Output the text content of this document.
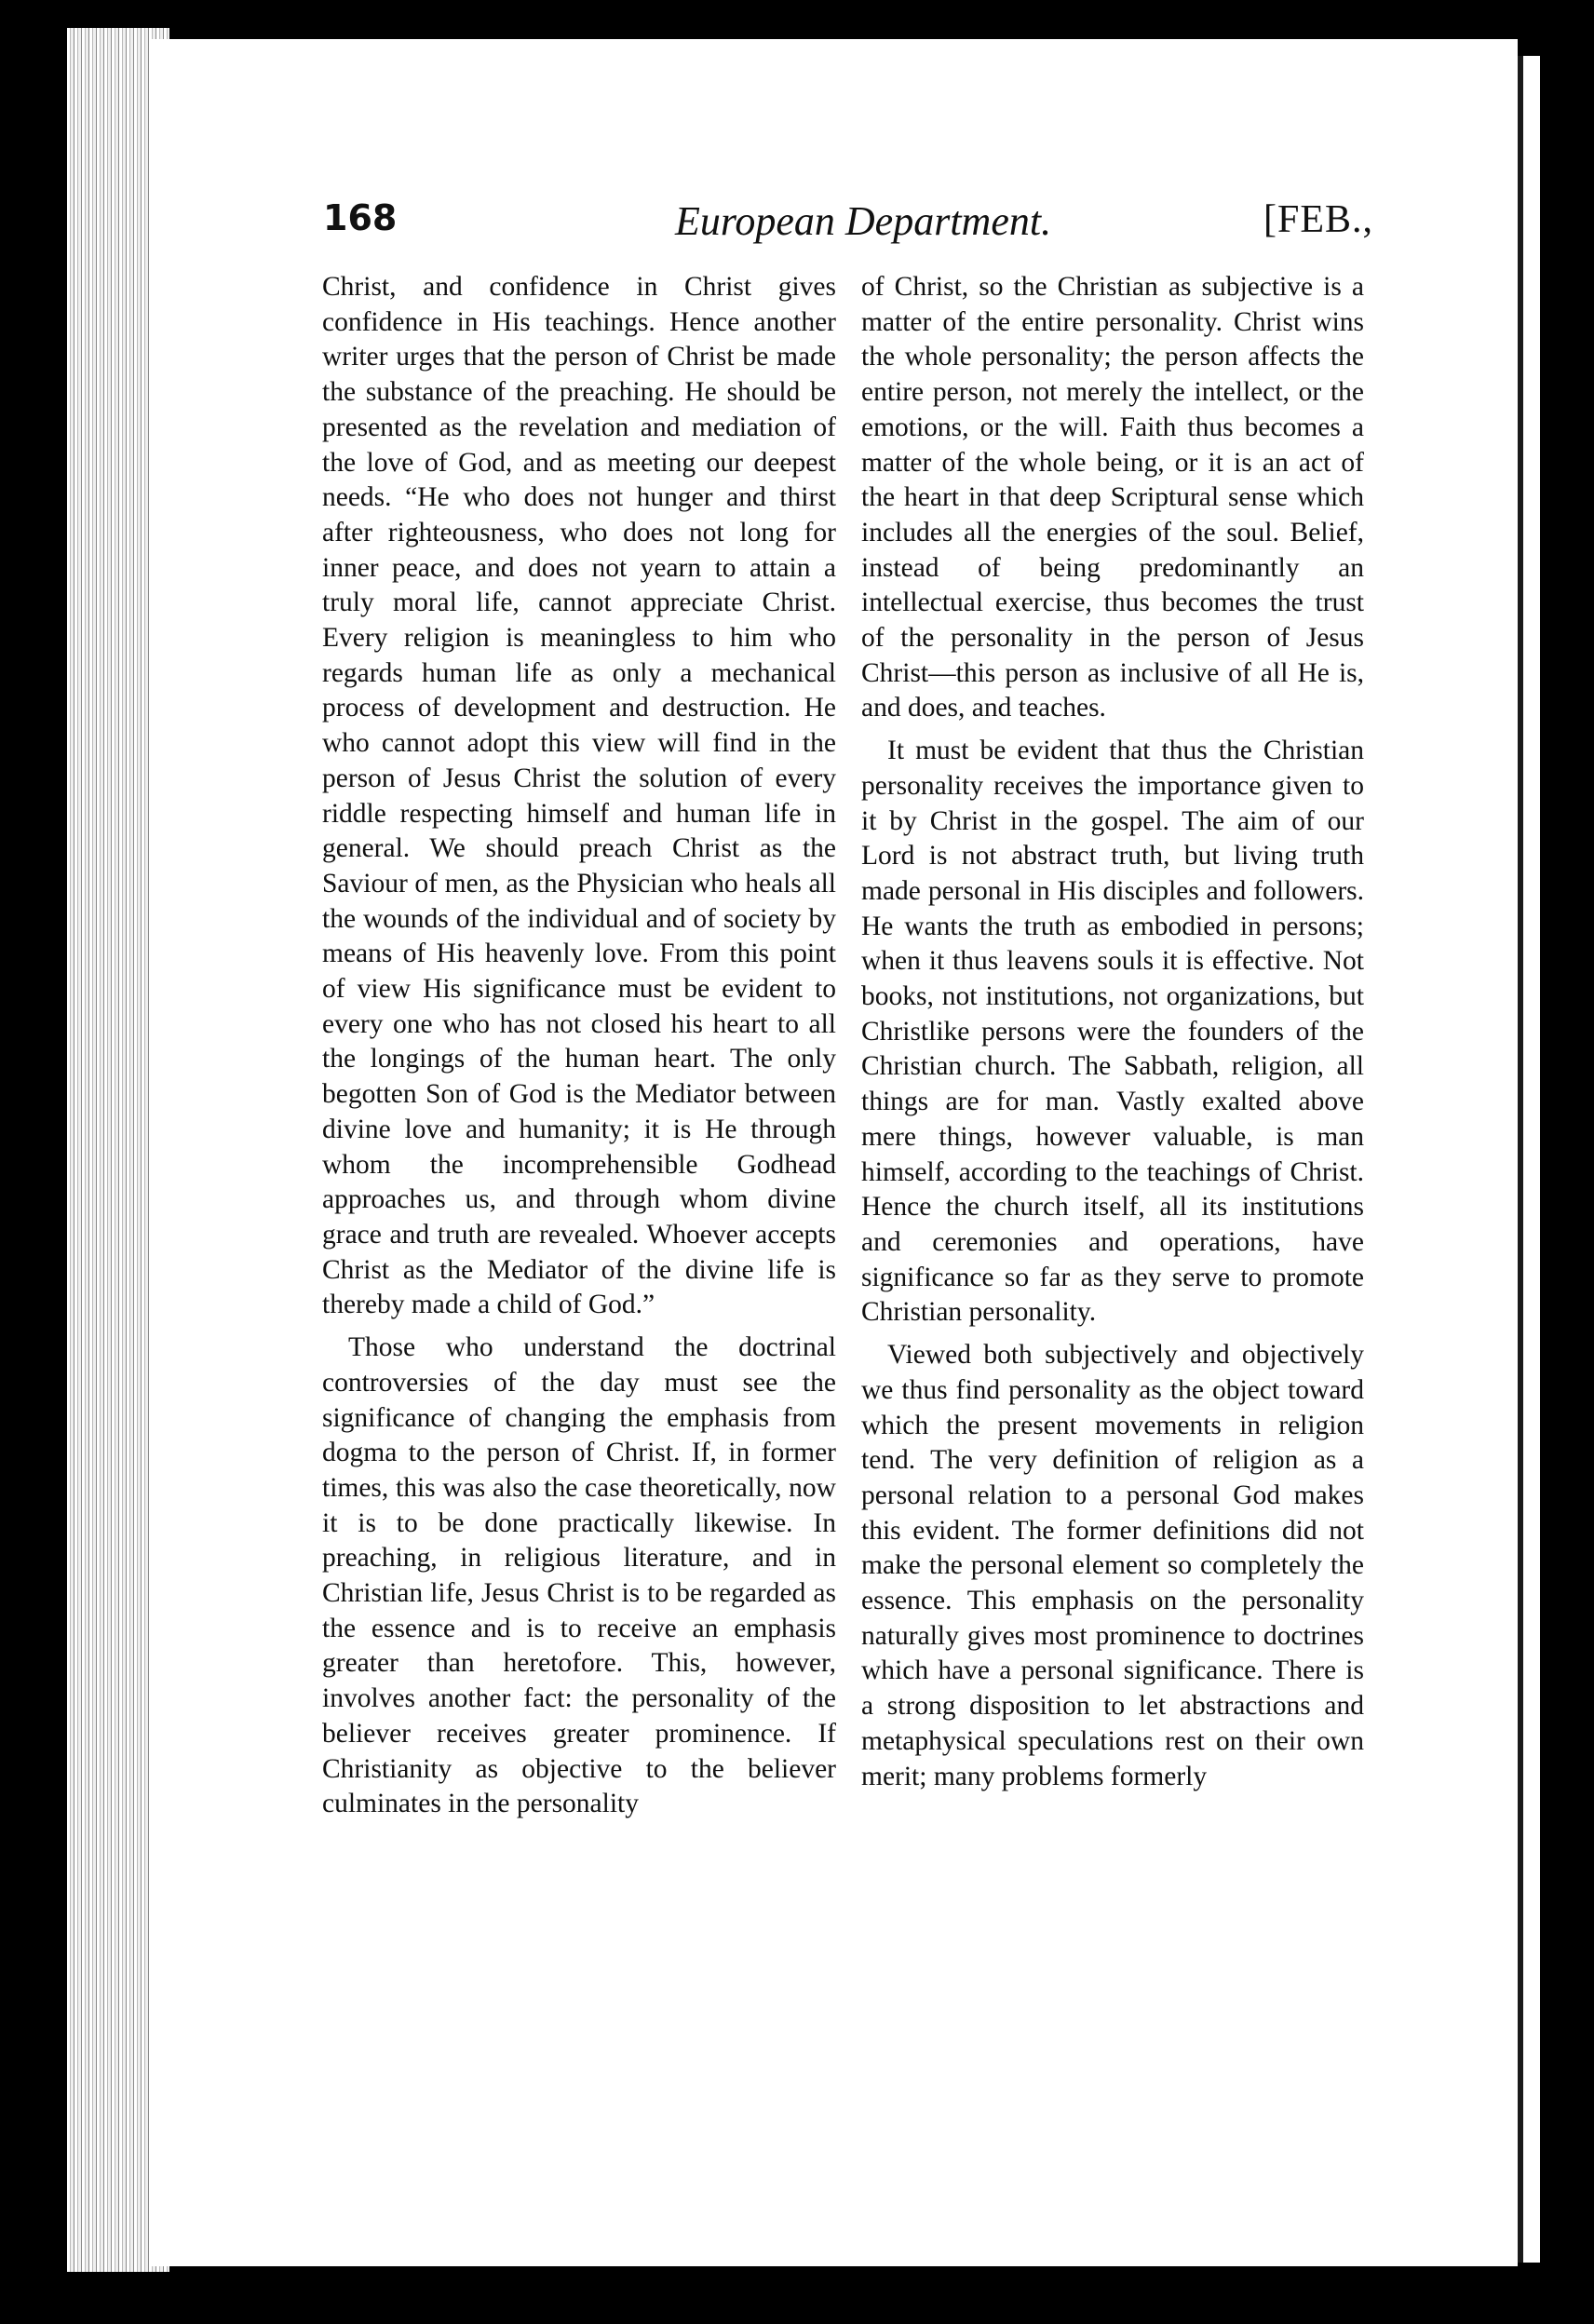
168	European Department.	[FEB.,

Christ, and confidence in Christ gives confidence in His teachings. Hence another writer urges that the person of Christ be made the substance of the preaching. He should be presented as the revelation and mediation of the love of God, and as meeting our deepest needs. “He who does not hunger and thirst after righteousness, who does not long for inner peace, and does not yearn to attain a truly moral life, cannot appreciate Christ. Every religion is meaningless to him who regards human life as only a mechanical process of development and destruction. He who cannot adopt this view will find in the person of Jesus Christ the solution of every riddle respecting himself and human life in general. We should preach Christ as the Saviour of men, as the Physician who heals all the wounds of the individual and of society by means of His heavenly love. From this point of view His significance must be evident to every one who has not closed his heart to all the longings of the human heart. The only begotten Son of God is the Mediator between divine love and humanity; it is He through whom the incomprehensible Godhead approaches us, and through whom divine grace and truth are revealed. Whoever accepts Christ as the Mediator of the divine life is thereby made a child of God.”

Those who understand the doctrinal controversies of the day must see the significance of changing the emphasis from dogma to the person of Christ. If, in former times, this was also the case theoretically, now it is to be done practically likewise. In preaching, in religious literature, and in Christian life, Jesus Christ is to be regarded as the essence and is to receive an emphasis greater than heretofore. This, however, involves another fact: the personality of the believer receives greater prominence. If Christianity as objective to the believer culminates in the personality

of Christ, so the Christian as subjective is a matter of the entire personality. Christ wins the whole personality; the person affects the entire person, not merely the intellect, or the emotions, or the will. Faith thus becomes a matter of the whole being, or it is an act of the heart in that deep Scriptural sense which includes all the energies of the soul. Belief, instead of being predominantly an intellectual exercise, thus becomes the trust of the personality in the person of Jesus Christ—this person as inclusive of all He is, and does, and teaches.

It must be evident that thus the Christian personality receives the importance given to it by Christ in the gospel. The aim of our Lord is not abstract truth, but living truth made personal in His disciples and followers. He wants the truth as embodied in persons; when it thus leavens souls it is effective. Not books, not institutions, not organizations, but Christlike persons were the founders of the Christian church. The Sabbath, religion, all things are for man. Vastly exalted above mere things, however valuable, is man himself, according to the teachings of Christ. Hence the church itself, all its institutions and ceremonies and operations, have significance so far as they serve to promote Christian personality.

Viewed both subjectively and objectively we thus find personality as the object toward which the present movements in religion tend. The very definition of religion as a personal relation to a personal God makes this evident. The former definitions did not make the personal element so completely the essence. This emphasis on the personality naturally gives most prominence to doctrines which have a personal significance. There is a strong disposition to let abstractions and metaphysical speculations rest on their own merit; many problems formerly
